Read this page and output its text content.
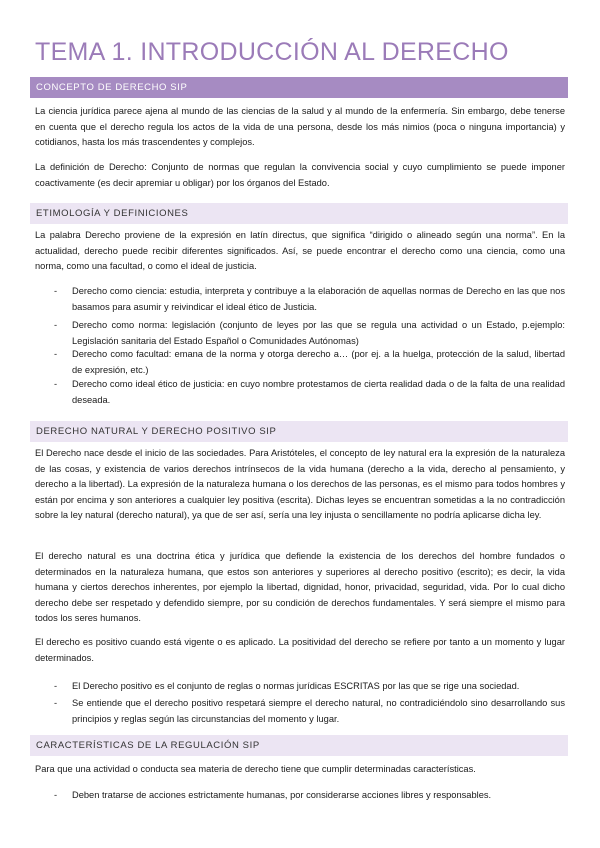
TEMA 1. INTRODUCCIÓN AL DERECHO
CONCEPTO DE DERECHO SIP

La ciencia jurídica parece ajena al mundo de las ciencias de la salud y al mundo de la enfermería. Sin embargo, debe tenerse en cuenta que el derecho regula los actos de la vida de una persona, desde los más nimios (poca o ninguna importancia) y cotidianos, hasta los más trascendentes y complejos.

La definición de Derecho: Conjunto de normas que regulan la convivencia social y cuyo cumplimiento se puede imponer coactivamente (es decir apremiar u obligar) por los órganos del Estado.

ETIMOLOGÍA Y DEFINICIONES

La palabra Derecho proviene de la expresión en latín directus, que significa “dirigido o alineado según una norma”. En la actualidad, derecho puede recibir diferentes significados. Así, se puede encontrar el derecho como una ciencia, como una norma, como una facultad, o como el ideal de justicia.

- Derecho como ciencia: estudia, interpreta y contribuye a la elaboración de aquellas normas de Derecho en las que nos basamos para asumir y reivindicar el ideal ético de Justicia.

- Derecho como norma: legislación (conjunto de leyes por las que se regula una actividad o un Estado, p.ejemplo: Legislación sanitaria del Estado Español o Comunidades Autónomas)

- Derecho como facultad: emana de la norma y otorga derecho a… (por ej. a la huelga, protección de la salud, libertad de expresión, etc.)

- Derecho como ideal ético de justicia: en cuyo nombre protestamos de cierta realidad dada o de la falta de una realidad deseada.

DERECHO NATURAL Y DERECHO POSITIVO SIP

El Derecho nace desde el inicio de las sociedades. Para Aristóteles, el concepto de ley natural era la expresión de la naturaleza de las cosas, y existencia de varios derechos intrínsecos de la vida humana (derecho a la vida, derecho al pensamiento, y derecho a la libertad). La expresión de la naturaleza humana o los derechos de las personas, es el mismo para todos hombres y están por encima y son anteriores a cualquier ley positiva (escrita). Dichas leyes se encuentran sometidas a la no contradicción sobre la ley natural (derecho natural), ya que de ser así, sería una ley injusta o sencillamente no podría aplicarse dicha ley.

El derecho natural es una doctrina ética y jurídica que defiende la existencia de los derechos del hombre fundados o determinados en la naturaleza humana, que estos son anteriores y superiores al derecho positivo (escrito); es decir, la vida humana y ciertos derechos inherentes, por ejemplo la libertad, dignidad, honor, privacidad, seguridad, vida. Por lo cual dicho derecho debe ser respetado y defendido siempre, por su condición de derechos fundamentales. Y será siempre el mismo para todos los seres humanos.

El derecho es positivo cuando está vigente o es aplicado. La positividad del derecho se refiere por tanto a un momento y lugar determinados.

- El Derecho positivo es el conjunto de reglas o normas jurídicas ESCRITAS por las que se rige una sociedad.

- Se entiende que el derecho positivo respetará siempre el derecho natural, no contradiciéndolo sino desarrollando sus principios y reglas según las circunstancias del momento y lugar.

CARACTERÍSTICAS DE LA REGULACIÓN SIP

Para que una actividad o conducta sea materia de derecho tiene que cumplir determinadas características.

- Deben tratarse de acciones estrictamente humanas, por considerarse acciones libres y responsables.
